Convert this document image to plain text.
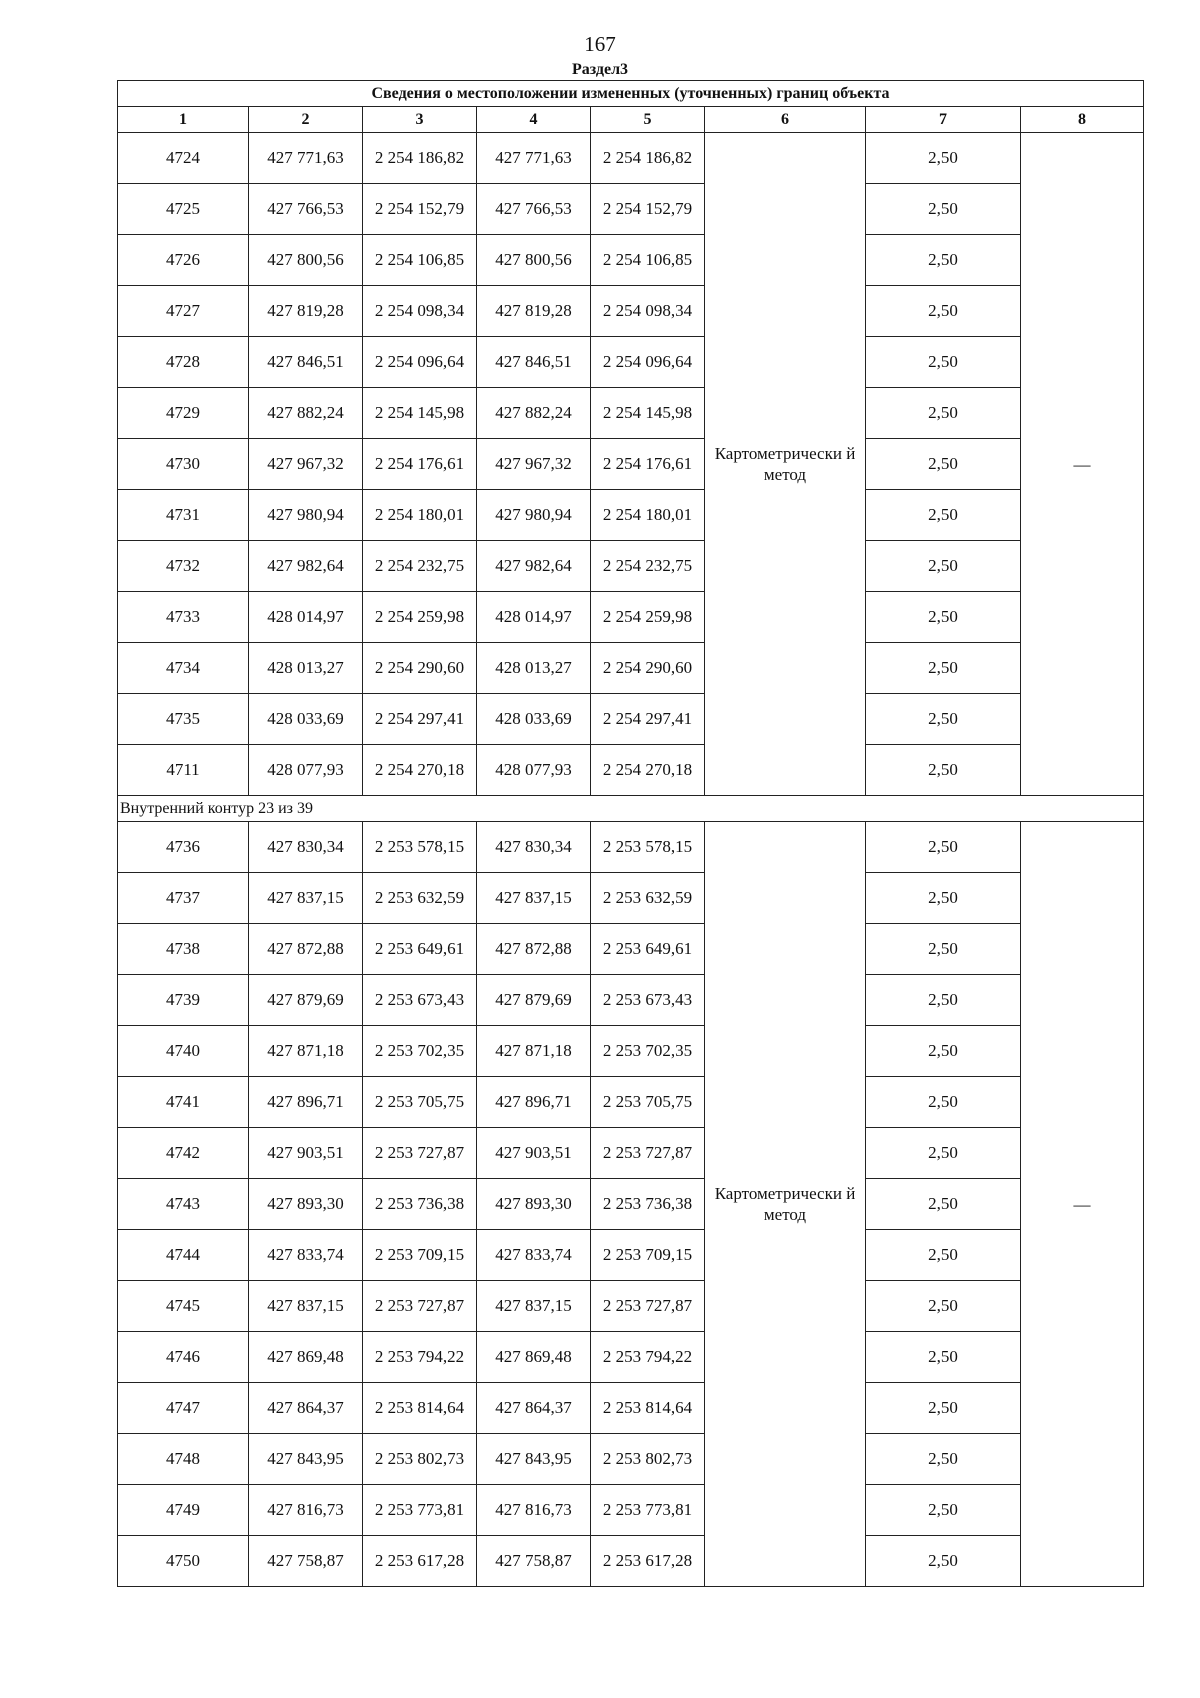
167
Раздел3
Сведения о местоположении измененных (уточненных) границ объекта							
1	2	3	4	5	6	7	8
4724	427 771,63	2 254 186,82	427 771,63	2 254 186,82	Картометрически й метод	2,50	—
4725	427 766,53	2 254 152,79	427 766,53	2 254 152,79		2,50	
4726	427 800,56	2 254 106,85	427 800,56	2 254 106,85		2,50	
4727	427 819,28	2 254 098,34	427 819,28	2 254 098,34		2,50	
4728	427 846,51	2 254 096,64	427 846,51	2 254 096,64		2,50	
4729	427 882,24	2 254 145,98	427 882,24	2 254 145,98		2,50	
4730	427 967,32	2 254 176,61	427 967,32	2 254 176,61		2,50	
4731	427 980,94	2 254 180,01	427 980,94	2 254 180,01		2,50	
4732	427 982,64	2 254 232,75	427 982,64	2 254 232,75		2,50	
4733	428 014,97	2 254 259,98	428 014,97	2 254 259,98		2,50	
4734	428 013,27	2 254 290,60	428 013,27	2 254 290,60		2,50	
4735	428 033,69	2 254 297,41	428 033,69	2 254 297,41		2,50	
4711	428 077,93	2 254 270,18	428 077,93	2 254 270,18		2,50	
Внутренний контур 23 из 39							
4736	427 830,34	2 253 578,15	427 830,34	2 253 578,15	Картометрически й метод	2,50	—
4737	427 837,15	2 253 632,59	427 837,15	2 253 632,59		2,50	
4738	427 872,88	2 253 649,61	427 872,88	2 253 649,61		2,50	
4739	427 879,69	2 253 673,43	427 879,69	2 253 673,43		2,50	
4740	427 871,18	2 253 702,35	427 871,18	2 253 702,35		2,50	
4741	427 896,71	2 253 705,75	427 896,71	2 253 705,75		2,50	
4742	427 903,51	2 253 727,87	427 903,51	2 253 727,87		2,50	
4743	427 893,30	2 253 736,38	427 893,30	2 253 736,38		2,50	
4744	427 833,74	2 253 709,15	427 833,74	2 253 709,15		2,50	
4745	427 837,15	2 253 727,87	427 837,15	2 253 727,87		2,50	
4746	427 869,48	2 253 794,22	427 869,48	2 253 794,22		2,50	
4747	427 864,37	2 253 814,64	427 864,37	2 253 814,64		2,50	
4748	427 843,95	2 253 802,73	427 843,95	2 253 802,73		2,50	
4749	427 816,73	2 253 773,81	427 816,73	2 253 773,81		2,50	
4750	427 758,87	2 253 617,28	427 758,87	2 253 617,28		2,50	
